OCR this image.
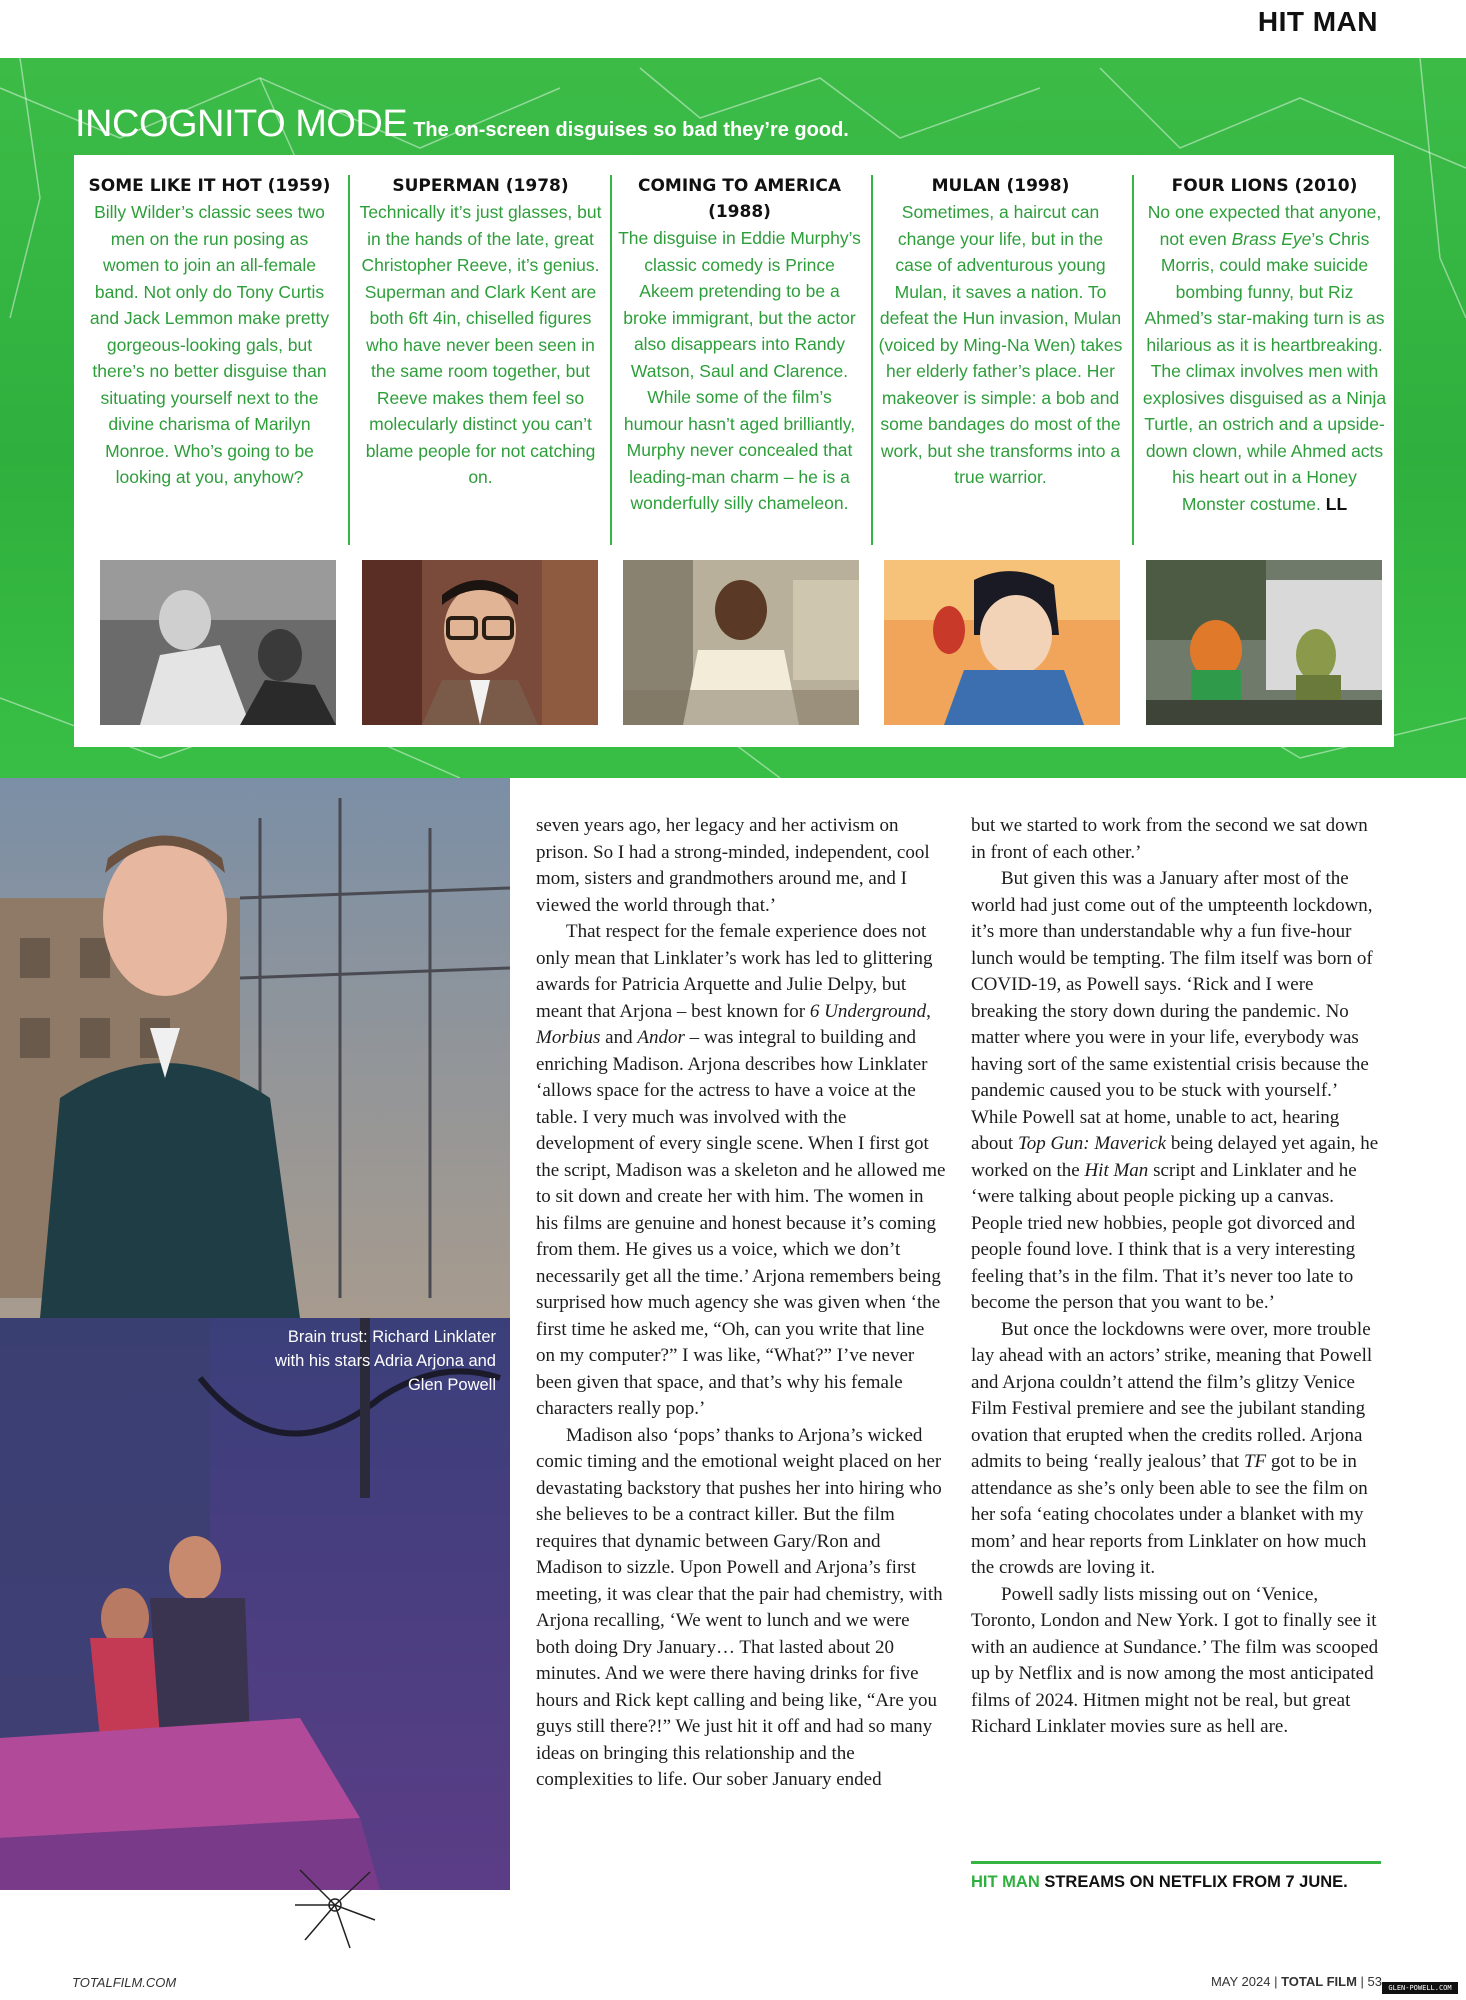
HIT MAN
INCOGNITO MODE The on-screen disguises so bad they’re good.
SOME LIKE IT HOT (1959)
Billy Wilder’s classic sees two men on the run posing as women to join an all-female band. Not only do Tony Curtis and Jack Lemmon make pretty gorgeous-looking gals, but there’s no better disguise than situating yourself next to the divine charisma of Marilyn Monroe. Who’s going to be looking at you, anyhow?
SUPERMAN (1978)
Technically it’s just glasses, but in the hands of the late, great Christopher Reeve, it’s genius. Superman and Clark Kent are both 6ft 4in, chiselled figures who have never been seen in the same room together, but Reeve makes them feel so molecularly distinct you can’t blame people for not catching on.
COMING TO AMERICA (1988)
The disguise in Eddie Murphy’s classic comedy is Prince Akeem pretending to be a broke immigrant, but the actor also disappears into Randy Watson, Saul and Clarence. While some of the film’s humour hasn’t aged brilliantly, Murphy never concealed that leading-man charm – he is a wonderfully silly chameleon.
MULAN (1998)
Sometimes, a haircut can change your life, but in the case of adventurous young Mulan, it saves a nation. To defeat the Hun invasion, Mulan (voiced by Ming-Na Wen) takes her elderly father’s place. Her makeover is simple: a bob and some bandages do most of the work, but she transforms into a true warrior.
FOUR LIONS (2010)
No one expected that anyone, not even Brass Eye’s Chris Morris, could make suicide bombing funny, but Riz Ahmed’s star-making turn is as hilarious as it is heartbreaking. The climax involves men with explosives disguised as a Ninja Turtle, an ostrich and a upside-down clown, while Ahmed acts his heart out in a Honey Monster costume. LL
Brain trust: Richard Linklater with his stars Adria Arjona and Glen Powell

seven years ago, her legacy and her activism on prison. So I had a strong-minded, independent, cool mom, sisters and grandmothers around me, and I viewed the world through that.’

That respect for the female experience does not only mean that Linklater’s work has led to glittering awards for Patricia Arquette and Julie Delpy, but meant that Arjona – best known for 6 Underground, Morbius and Andor – was integral to building and enriching Madison. Arjona describes how Linklater ‘allows space for the actress to have a voice at the table. I very much was involved with the development of every single scene. When I first got the script, Madison was a skeleton and he allowed me to sit down and create her with him. The women in his films are genuine and honest because it’s coming from them. He gives us a voice, which we don’t necessarily get all the time.’ Arjona remembers being surprised how much agency she was given when ‘the first time he asked me, “Oh, can you write that line on my computer?” I was like, “What?” I’ve never been given that space, and that’s why his female characters really pop.’

Madison also ‘pops’ thanks to Arjona’s wicked comic timing and the emotional weight placed on her devastating backstory that pushes her into hiring who she believes to be a contract killer. But the film requires that dynamic between Gary/Ron and Madison to sizzle. Upon Powell and Arjona’s first meeting, it was clear that the pair had chemistry, with Arjona recalling, ‘We went to lunch and we were both doing Dry January… That lasted about 20 minutes. And we were there having drinks for five hours and Rick kept calling and being like, “Are you guys still there?!” We just hit it off and had so many ideas on bringing this relationship and the complexities to life. Our sober January ended

but we started to work from the second we sat down in front of each other.’

But given this was a January after most of the world had just come out of the umpteenth lockdown, it’s more than understandable why a fun five-hour lunch would be tempting. The film itself was born of COVID-19, as Powell says. ‘Rick and I were breaking the story down during the pandemic. No matter where you were in your life, everybody was having sort of the same existential crisis because the pandemic caused you to be stuck with yourself.’ While Powell sat at home, unable to act, hearing about Top Gun: Maverick being delayed yet again, he worked on the Hit Man script and Linklater and he ‘were talking about people picking up a canvas. People tried new hobbies, people got divorced and people found love. I think that is a very interesting feeling that’s in the film. That it’s never too late to become the person that you want to be.’

But once the lockdowns were over, more trouble lay ahead with an actors’ strike, meaning that Powell and Arjona couldn’t attend the film’s glitzy Venice Film Festival premiere and see the jubilant standing ovation that erupted when the credits rolled. Arjona admits to being ‘really jealous’ that TF got to be in attendance as she’s only been able to see the film on her sofa ‘eating chocolates under a blanket with my mom’ and hear reports from Linklater on how much the crowds are loving it.

Powell sadly lists missing out on ‘Venice, Toronto, London and New York. I got to finally see it with an audience at Sundance.’ The film was scooped up by Netflix and is now among the most anticipated films of 2024. Hitmen might not be real, but great Richard Linklater movies sure as hell are.

HIT MAN STREAMS ON NETFLIX FROM 7 JUNE.
TOTALFILM.COM	MAY 2024 | TOTAL FILM | 53 GLEN-POWELL.COM
